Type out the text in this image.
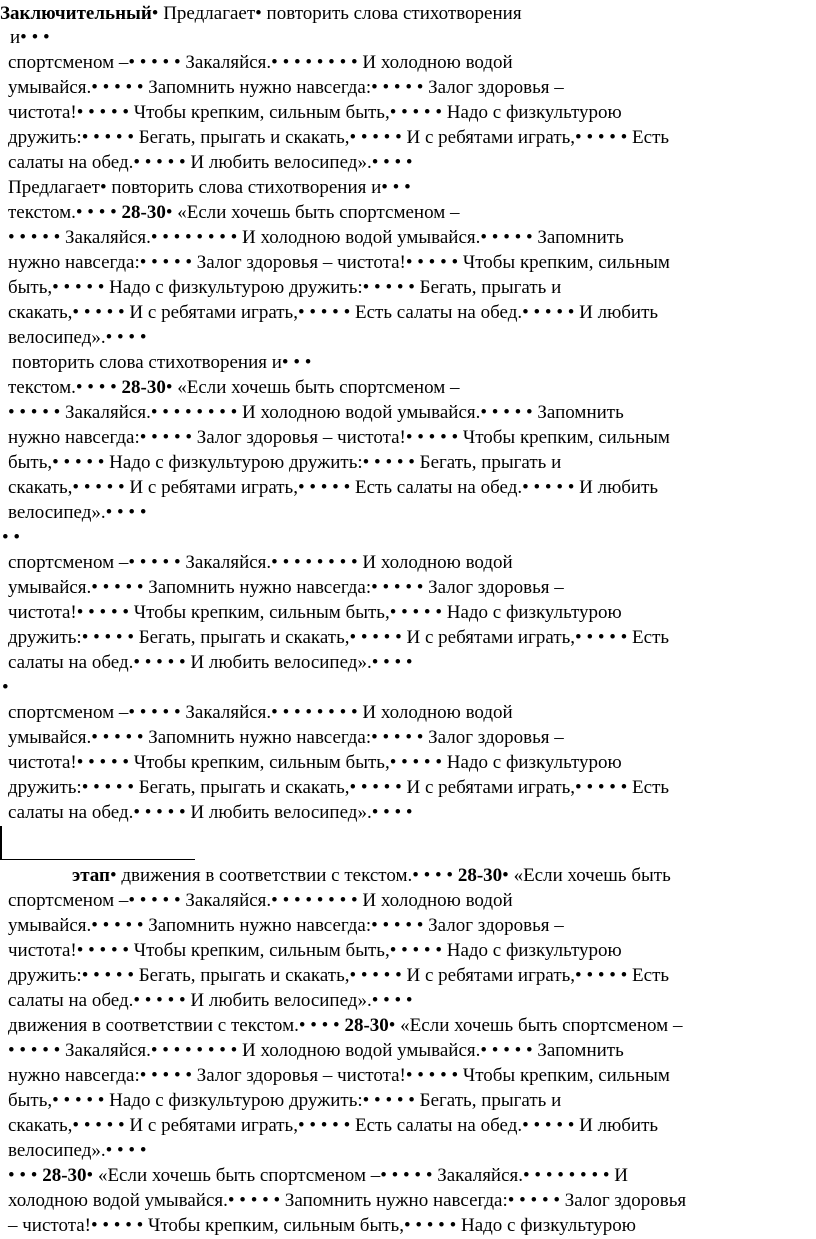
Заключительный • Предлагает• повторить слова стихотворения
и• • •
спортсменом –• • • • • Закаляйся.• • • • • • • • И холодною водой
умывайся.• • • • • Запомнить нужно навсегда:• • • • • Залог здоровья –
чистота!• • • • • Чтобы крепким, сильным быть,• • • • • Надо с физкультурою
дружить:• • • • • Бегать, прыгать и скакать,• • • • • И с ребятами играть,• • • • • Есть
салаты на обед.• • • • • И любить велосипед».• • • •
Предлагает• повторить слова стихотворения и• • •
текстом.• • • • 28-30 • «Если хочешь быть спортсменом –
• • • • • Закаляйся.• • • • • • • • И холодною водой умывайся.• • • • • Запомнить
нужно навсегда:• • • • • Залог здоровья – чистота!• • • • • Чтобы крепким, сильным
быть,• • • • • Надо с физкультурою дружить:• • • • • Бегать, прыгать и
скакать,• • • • • И с ребятами играть,• • • • • Есть салаты на обед.• • • • • И любить
велосипед».• • • •
повторить слова стихотворения и• • •
текстом.• • • • 28-30 • «Если хочешь быть спортсменом –
• • • • • Закаляйся.• • • • • • • • И холодною водой умывайся.• • • • • Запомнить
нужно навсегда:• • • • • Залог здоровья – чистота!• • • • • Чтобы крепким, сильным
быть,• • • • • Надо с физкультурою дружить:• • • • • Бегать, прыгать и
скакать,• • • • • И с ребятами играть,• • • • • Есть салаты на обед.• • • • • И любить
велосипед».• • • •
• •
спортсменом –• • • • • Закаляйся.• • • • • • • • И холодною водой
умывайся.• • • • • Запомнить нужно навсегда:• • • • • Залог здоровья –
чистота!• • • • • Чтобы крепким, сильным быть,• • • • • Надо с физкультурою
дружить:• • • • • Бегать, прыгать и скакать,• • • • • И с ребятами играть,• • • • • Есть
салаты на обед.• • • • • И любить велосипед».• • • •
•
спортсменом –• • • • • Закаляйся.• • • • • • • • И холодною водой
умывайся.• • • • • Запомнить нужно навсегда:• • • • • Залог здоровья –
чистота!• • • • • Чтобы крепким, сильным быть,• • • • • Надо с физкультурою
дружить:• • • • • Бегать, прыгать и скакать,• • • • • И с ребятами играть,• • • • • Есть
салаты на обед.• • • • • И любить велосипед».• • • •
этап • движения в соответствии с текстом.• • • • 28-30 • «Если хочешь быть
спортсменом –• • • • • Закаляйся.• • • • • • • • И холодною водой
умывайся.• • • • • Запомнить нужно навсегда:• • • • • Залог здоровья –
чистота!• • • • • Чтобы крепким, сильным быть,• • • • • Надо с физкультурою
дружить:• • • • • Бегать, прыгать и скакать,• • • • • И с ребятами играть,• • • • • Есть
салаты на обед.• • • • • И любить велосипед».• • • •
движения в соответствии с текстом.• • • • 28-30 • «Если хочешь быть спортсменом –
• • • • • Закаляйся.• • • • • • • • И холодною водой умывайся.• • • • • Запомнить
нужно навсегда:• • • • • Залог здоровья – чистота!• • • • • Чтобы крепким, сильным
быть,• • • • • Надо с физкультурою дружить:• • • • • Бегать, прыгать и
скакать,• • • • • И с ребятами играть,• • • • • Есть салаты на обед.• • • • • И любить
велосипед».• • • •
• • • 28-30 • «Если хочешь быть спортсменом –• • • • • Закаляйся.• • • • • • • • И
холодною водой умывайся.• • • • • Запомнить нужно навсегда:• • • • • Залог здоровья
– чистота!• • • • • Чтобы крепким, сильным быть,• • • • • Надо с физкультурою
